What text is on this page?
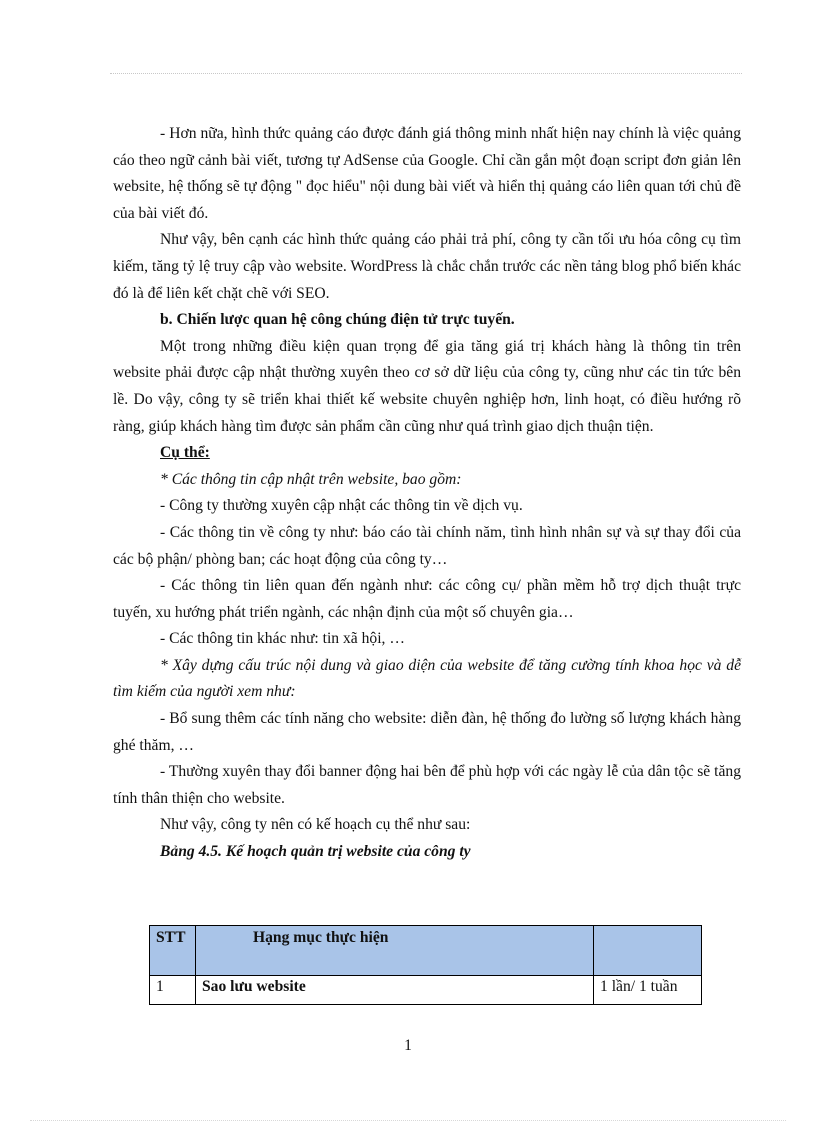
- Hơn nữa, hình thức quảng cáo được đánh giá thông minh nhất hiện nay chính là việc quảng cáo theo ngữ cảnh bài viết, tương tự AdSense của Google. Chỉ cần gắn một đoạn script đơn giản lên website, hệ thống sẽ tự động " đọc hiểu" nội dung bài viết và hiển thị quảng cáo liên quan tới chủ đề của bài viết đó.

Như vậy, bên cạnh các hình thức quảng cáo phải trả phí, công ty cần tối ưu hóa công cụ tìm kiếm, tăng tỷ lệ truy cập vào website. WordPress là chắc chắn trước các nền tảng blog phổ biến khác đó là để liên kết chặt chẽ với SEO.

b. Chiến lược quan hệ công chúng điện tử trực tuyến.

Một trong những điều kiện quan trọng để gia tăng giá trị khách hàng là thông tin trên website phải được cập nhật thường xuyên theo cơ sở dữ liệu của công ty, cũng như các tin tức bên lề. Do vậy, công ty sẽ triển khai thiết kế website chuyên nghiệp hơn, linh hoạt, có điều hướng rõ ràng, giúp khách hàng tìm được sản phẩm cần cũng như quá trình giao dịch thuận tiện.

Cụ thể:

* Các thông tin cập nhật trên website, bao gồm:

- Công ty thường xuyên cập nhật các thông tin về dịch vụ.

- Các thông tin về công ty như: báo cáo tài chính năm, tình hình nhân sự và sự thay đổi của các bộ phận/ phòng ban; các hoạt động của công ty…

- Các thông tin liên quan đến ngành như: các công cụ/ phần mềm hỗ trợ dịch thuật trực tuyến, xu hướng phát triển ngành, các nhận định của một số chuyên gia…

- Các thông tin khác như: tin xã hội, …

* Xây dựng cấu trúc nội dung và giao diện của website để tăng cường tính khoa học và dễ tìm kiếm của người xem như:

- Bổ sung thêm các tính năng cho website: diễn đàn, hệ thống đo lường số lượng khách hàng ghé thăm, …

- Thường xuyên thay đổi banner động hai bên để phù hợp với các ngày lễ của dân tộc sẽ tăng tính thân thiện cho website.

Như vậy, công ty nên có kế hoạch cụ thể như sau:

Bảng 4.5. Kế hoạch quản trị website của công ty

STT	Hạng mục thực hiện	
1	Sao lưu website	1 lần/ 1 tuần
1
